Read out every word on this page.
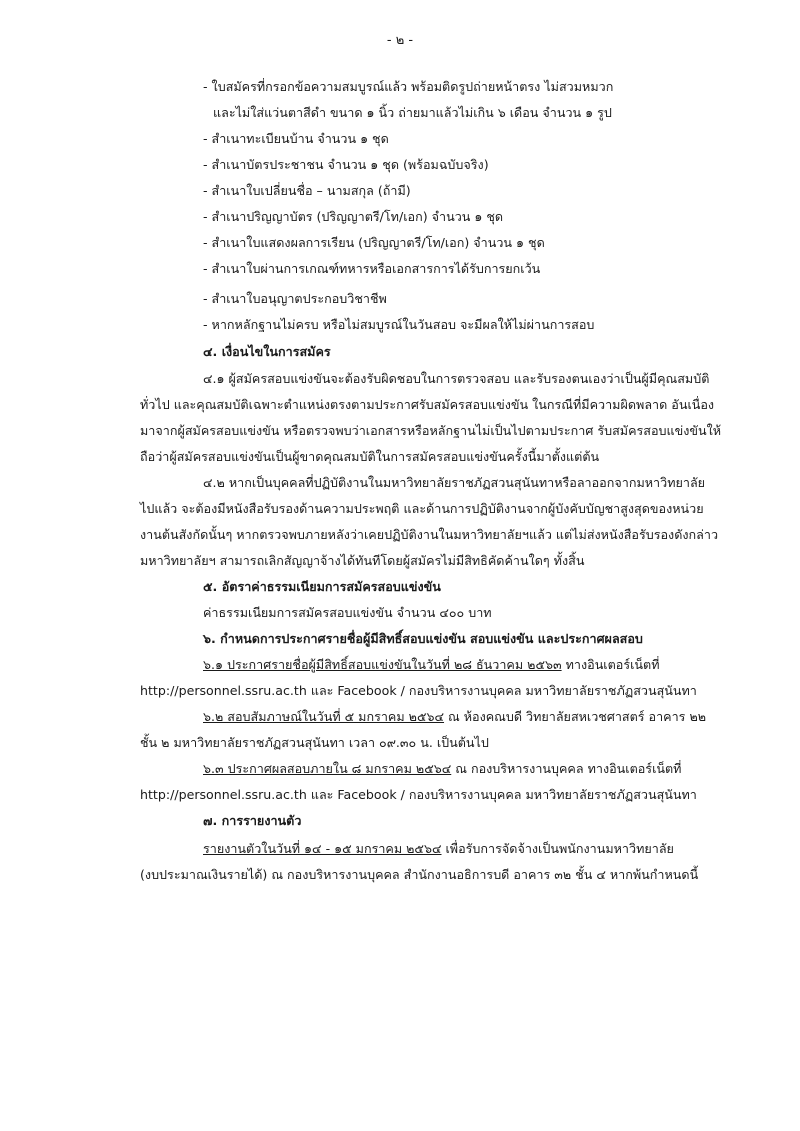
- ๒ -
- ใบสมัครที่กรอกข้อความสมบูรณ์แล้ว พร้อมติดรูปถ่ายหน้าตรง ไม่สวมหมวก
และไม่ใส่แว่นตาสีดำ ขนาด ๑ นิ้ว ถ่ายมาแล้วไม่เกิน ๖ เดือน จำนวน ๑ รูป
- สำเนาทะเบียนบ้าน จำนวน ๑ ชุด
- สำเนาบัตรประชาชน จำนวน ๑ ชุด (พร้อมฉบับจริง)
- สำเนาใบเปลี่ยนชื่อ – นามสกุล (ถ้ามี)
- สำเนาปริญญาบัตร (ปริญญาตรี/โท/เอก) จำนวน ๑ ชุด
- สำเนาใบแสดงผลการเรียน (ปริญญาตรี/โท/เอก) จำนวน ๑ ชุด
- สำเนาใบผ่านการเกณฑ์ทหารหรือเอกสารการได้รับการยกเว้น
- สำเนาใบอนุญาตประกอบวิชาชีพ
- หากหลักฐานไม่ครบ หรือไม่สมบูรณ์ในวันสอบ จะมีผลให้ไม่ผ่านการสอบ
๔. เงื่อนไขในการสมัคร
๔.๑ ผู้สมัครสอบแข่งขันจะต้องรับผิดชอบในการตรวจสอบ และรับรองตนเองว่าเป็นผู้มีคุณสมบัติ
ทั่วไป และคุณสมบัติเฉพาะตำแหน่งตรงตามประกาศรับสมัครสอบแข่งขัน ในกรณีที่มีความผิดพลาด อันเนื่อง
มาจากผู้สมัครสอบแข่งขัน หรือตรวจพบว่าเอกสารหรือหลักฐานไม่เป็นไปตามประกาศ รับสมัครสอบแข่งขันให้
ถือว่าผู้สมัครสอบแข่งขันเป็นผู้ขาดคุณสมบัติในการสมัครสอบแข่งขันครั้งนี้มาตั้งแต่ต้น
๔.๒ หากเป็นบุคคลที่ปฏิบัติงานในมหาวิทยาลัยราชภัฏสวนสุนันทาหรือลาออกจากมหาวิทยาลัย
ไปแล้ว จะต้องมีหนังสือรับรองด้านความประพฤติ และด้านการปฏิบัติงานจากผู้บังคับบัญชาสูงสุดของหน่วย
งานต้นสังกัดนั้นๆ หากตรวจพบภายหลังว่าเคยปฏิบัติงานในมหาวิทยาลัยฯแล้ว แต่ไม่ส่งหนังสือรับรองดังกล่าว
มหาวิทยาลัยฯ สามารถเลิกสัญญาจ้างได้ทันทีโดยผู้สมัครไม่มีสิทธิคัดค้านใดๆ ทั้งสิ้น
๕. อัตราค่าธรรมเนียมการสมัครสอบแข่งขัน
ค่าธรรมเนียมการสมัครสอบแข่งขัน จำนวน ๔๐๐ บาท
๖. กำหนดการประกาศรายชื่อผู้มีสิทธิ์สอบแข่งขัน สอบแข่งขัน และประกาศผลสอบ
๖.๑ ประกาศรายชื่อผู้มีสิทธิ์สอบแข่งขันในวันที่ ๒๘ ธันวาคม ๒๕๖๓ ทางอินเตอร์เน็ตที่
http://personnel.ssru.ac.th และ Facebook / กองบริหารงานบุคคล มหาวิทยาลัยราชภัฏสวนสุนันทา
๖.๒ สอบสัมภาษณ์ในวันที่ ๕ มกราคม ๒๕๖๔ ณ ห้องคณบดี วิทยาลัยสหเวชศาสตร์ อาคาร ๒๒
ชั้น ๒ มหาวิทยาลัยราชภัฏสวนสุนันทา เวลา ๐๙.๓๐ น. เป็นต้นไป
๖.๓ ประกาศผลสอบภายใน ๘ มกราคม ๒๕๖๔ ณ กองบริหารงานบุคคล ทางอินเตอร์เน็ตที่
http://personnel.ssru.ac.th และ Facebook / กองบริหารงานบุคคล มหาวิทยาลัยราชภัฏสวนสุนันทา
๗. การรายงานตัว
รายงานตัวในวันที่ ๑๔ - ๑๕ มกราคม ๒๕๖๔ เพื่อรับการจัดจ้างเป็นพนักงานมหาวิทยาลัย
(งบประมาณเงินรายได้) ณ กองบริหารงานบุคคล สำนักงานอธิการบดี อาคาร ๓๒ ชั้น ๔ หากพ้นกำหนดนี้
